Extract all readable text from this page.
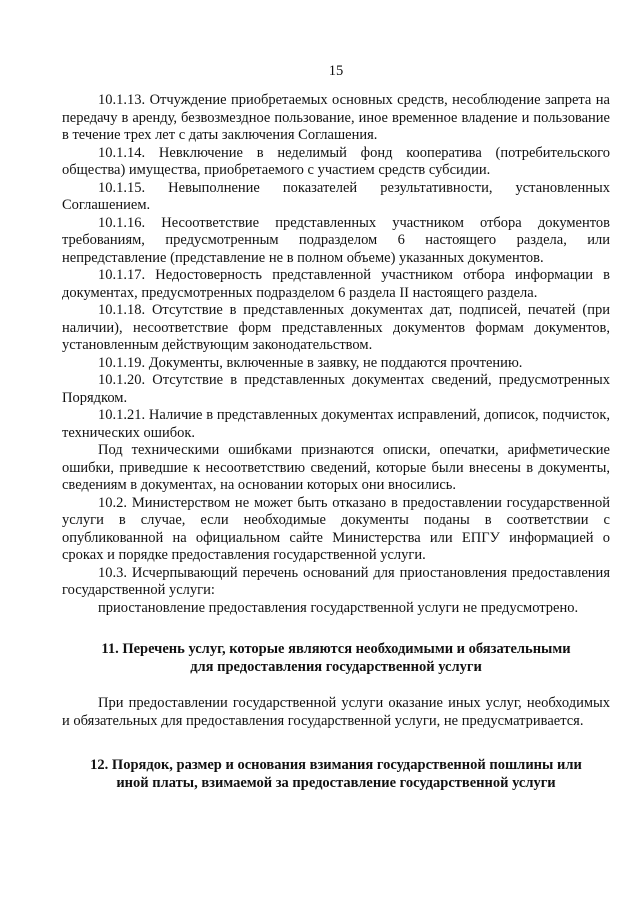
15

10.1.13. Отчуждение приобретаемых основных средств, несоблюдение запрета на передачу в аренду, безвозмездное пользование, иное временное владение и пользование в течение трех лет с даты заключения Соглашения.

10.1.14. Невключение в неделимый фонд кооператива (потребительского общества) имущества, приобретаемого с участием средств субсидии.

10.1.15. Невыполнение показателей результативности, установленных Соглашением.

10.1.16. Несоответствие представленных участником отбора документов требованиям, предусмотренным подразделом 6 настоящего раздела, или непредставление (представление не в полном объеме) указанных документов.

10.1.17. Недостоверность представленной участником отбора информации в документах, предусмотренных подразделом 6 раздела II настоящего раздела.

10.1.18. Отсутствие в представленных документах дат, подписей, печатей (при наличии), несоответствие форм представленных документов формам документов, установленным действующим законодательством.

10.1.19. Документы, включенные в заявку, не поддаются прочтению.

10.1.20. Отсутствие в представленных документах сведений, предусмотренных Порядком.

10.1.21. Наличие в представленных документах исправлений, дописок, подчисток, технических ошибок.

Под техническими ошибками признаются описки, опечатки, арифметические ошибки, приведшие к несоответствию сведений, которые были внесены в документы, сведениям в документах, на основании которых они вносились.

10.2. Министерством не может быть отказано в предоставлении государственной услуги в случае, если необходимые документы поданы в соответствии с опубликованной на официальном сайте Министерства или ЕПГУ информацией о сроках и порядке предоставления государственной услуги.

10.3. Исчерпывающий перечень оснований для приостановления предоставления государственной услуги:

приостановление предоставления государственной услуги не предусмотрено.

11. Перечень услуг, которые являются необходимыми и обязательными
для предоставления государственной услуги

При предоставлении государственной услуги оказание иных услуг, необходимых и обязательных для предоставления государственной услуги, не предусматривается.

12. Порядок, размер и основания взимания государственной пошлины или
иной платы, взимаемой за предоставление государственной услуги
